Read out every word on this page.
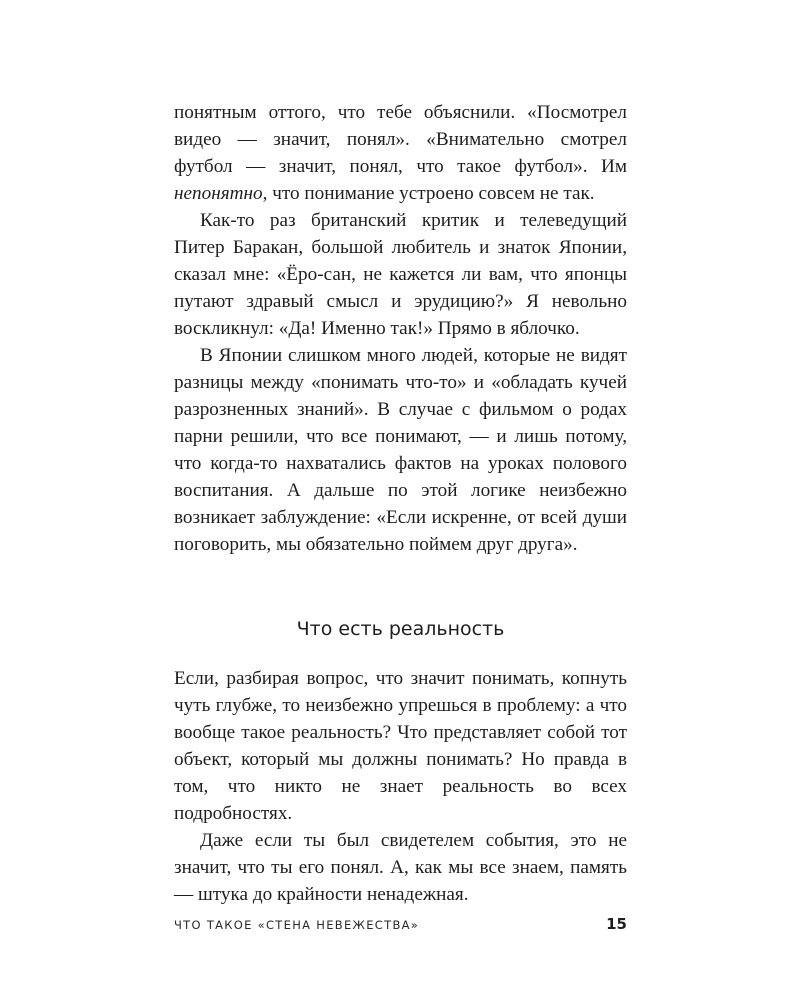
понятным оттого, что тебе объяснили. «Посмотрел видео — значит, понял». «Внимательно смотрел футбол — значит, понял, что такое футбол». Им непонятно, что понимание устроено совсем не так.

Как-то раз британский критик и телеведущий Питер Баракан, большой любитель и знаток Японии, сказал мне: «Ёро-сан, не кажется ли вам, что японцы путают здравый смысл и эрудицию?» Я невольно воскликнул: «Да! Именно так!» Прямо в яблочко.

В Японии слишком много людей, которые не видят разницы между «понимать что-то» и «обладать кучей разрозненных знаний». В случае с фильмом о родах парни решили, что все понимают, — и лишь потому, что когда-то нахватались фактов на уроках полового воспитания. А дальше по этой логике неизбежно возникает заблуждение: «Если искренне, от всей души поговорить, мы обязательно поймем друг друга».

Что есть реальность

Если, разбирая вопрос, что значит понимать, копнуть чуть глубже, то неизбежно упрешься в проблему: а что вообще такое реальность? Что представляет собой тот объект, который мы должны понимать? Но правда в том, что никто не знает реальность во всех подробностях.

Даже если ты был свидетелем события, это не значит, что ты его понял. А, как мы все знаем, память — штука до крайности ненадежная.

ЧТО ТАКОЕ «СТЕНА НЕВЕЖЕСТВА»	15
